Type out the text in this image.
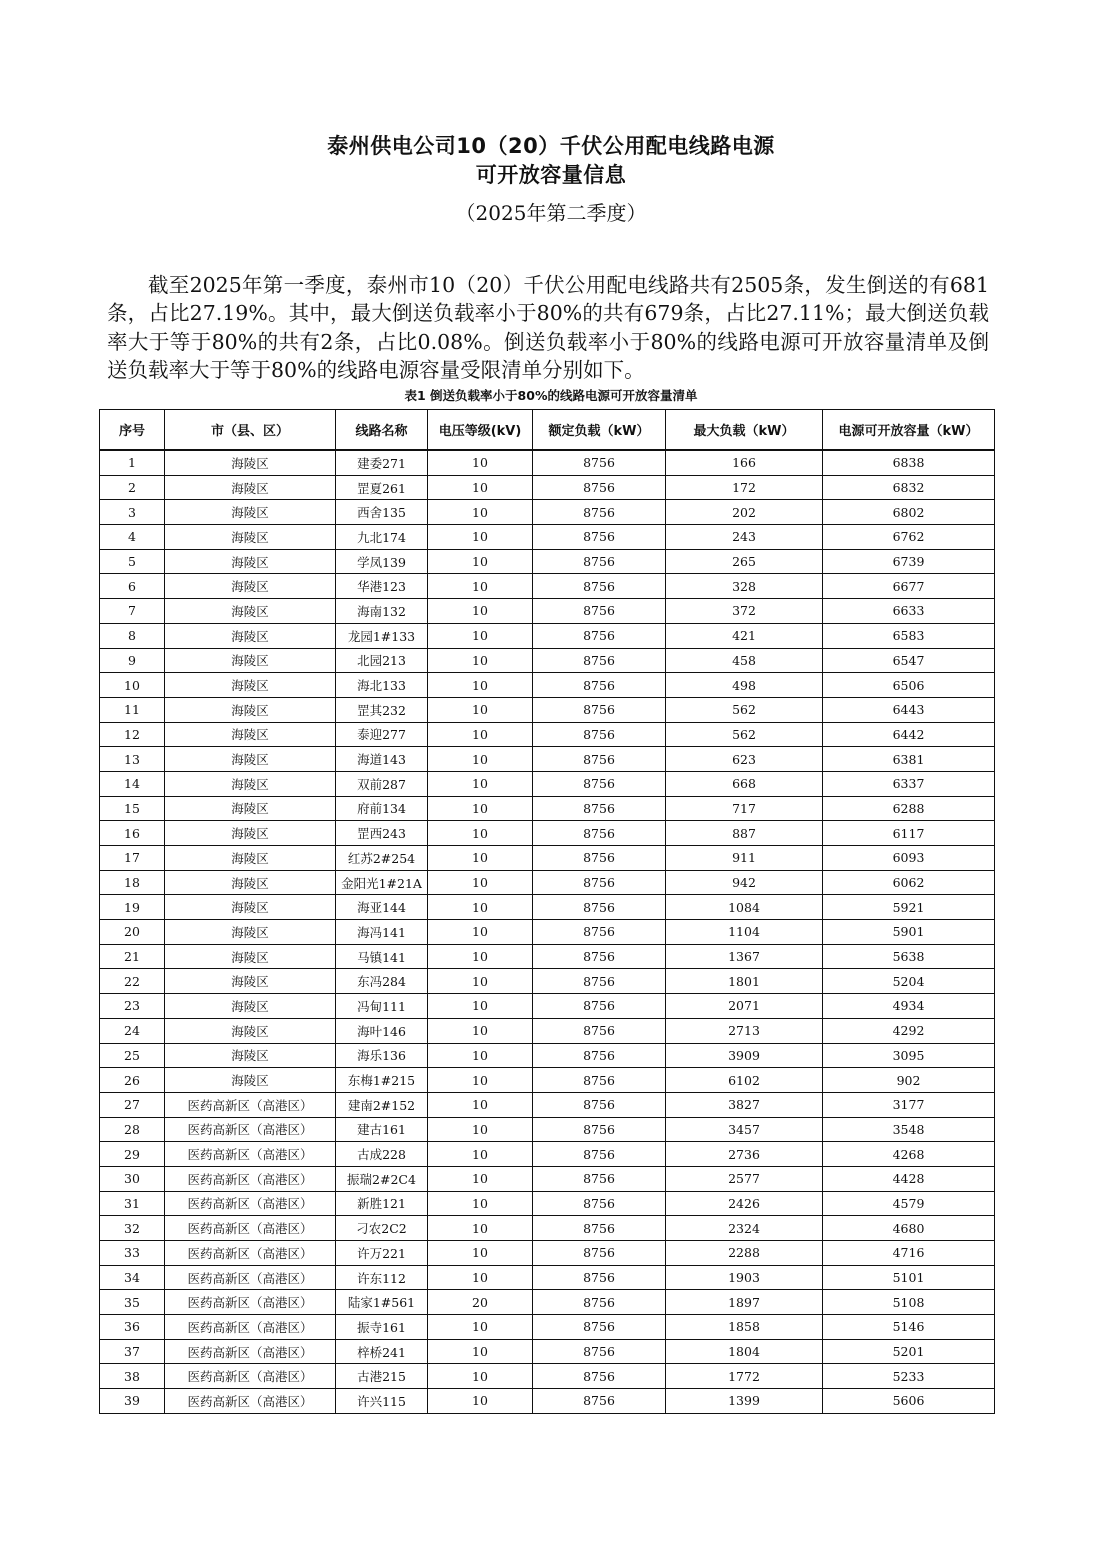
泰州供电公司10（20）千伏公用配电线路电源
可开放容量信息
（2025年第二季度）

截至2025年第一季度，泰州市10（20）千伏公用配电线路共有2505条，发生倒送的有681条，占比27.19%。其中，最大倒送负载率小于80%的共有679条，占比27.11%；最大倒送负载率大于等于80%的共有2条，占比0.08%。倒送负载率小于80%的线路电源可开放容量清单及倒送负载率大于等于80%的线路电源容量受限清单分别如下。

表1 倒送负载率小于80%的线路电源可开放容量清单
序号	市（县、区）	线路名称	电压等级(kV)	额定负载（kW）	最大负载（kW）	电源可开放容量（kW）
1	海陵区	建委271	10	8756	166	6838
2	海陵区	罡夏261	10	8756	172	6832
3	海陵区	西舍135	10	8756	202	6802
4	海陵区	九北174	10	8756	243	6762
5	海陵区	学凤139	10	8756	265	6739
6	海陵区	华港123	10	8756	328	6677
7	海陵区	海南132	10	8756	372	6633
8	海陵区	龙园1#133	10	8756	421	6583
9	海陵区	北园213	10	8756	458	6547
10	海陵区	海北133	10	8756	498	6506
11	海陵区	罡其232	10	8756	562	6443
12	海陵区	泰迎277	10	8756	562	6442
13	海陵区	海道143	10	8756	623	6381
14	海陵区	双前287	10	8756	668	6337
15	海陵区	府前134	10	8756	717	6288
16	海陵区	罡西243	10	8756	887	6117
17	海陵区	红苏2#254	10	8756	911	6093
18	海陵区	金阳光1#21A	10	8756	942	6062
19	海陵区	海亚144	10	8756	1084	5921
20	海陵区	海冯141	10	8756	1104	5901
21	海陵区	马镇141	10	8756	1367	5638
22	海陵区	东冯284	10	8756	1801	5204
23	海陵区	冯甸111	10	8756	2071	4934
24	海陵区	海叶146	10	8756	2713	4292
25	海陵区	海乐136	10	8756	3909	3095
26	海陵区	东梅1#215	10	8756	6102	902
27	医药高新区（高港区）	建南2#152	10	8756	3827	3177
28	医药高新区（高港区）	建古161	10	8756	3457	3548
29	医药高新区（高港区）	古成228	10	8756	2736	4268
30	医药高新区（高港区）	振瑞2#2C4	10	8756	2577	4428
31	医药高新区（高港区）	新胜121	10	8756	2426	4579
32	医药高新区（高港区）	刁农2C2	10	8756	2324	4680
33	医药高新区（高港区）	许万221	10	8756	2288	4716
34	医药高新区（高港区）	许东112	10	8756	1903	5101
35	医药高新区（高港区）	陆家1#561	20	8756	1897	5108
36	医药高新区（高港区）	振寺161	10	8756	1858	5146
37	医药高新区（高港区）	梓桥241	10	8756	1804	5201
38	医药高新区（高港区）	古港215	10	8756	1772	5233
39	医药高新区（高港区）	许兴115	10	8756	1399	5606
